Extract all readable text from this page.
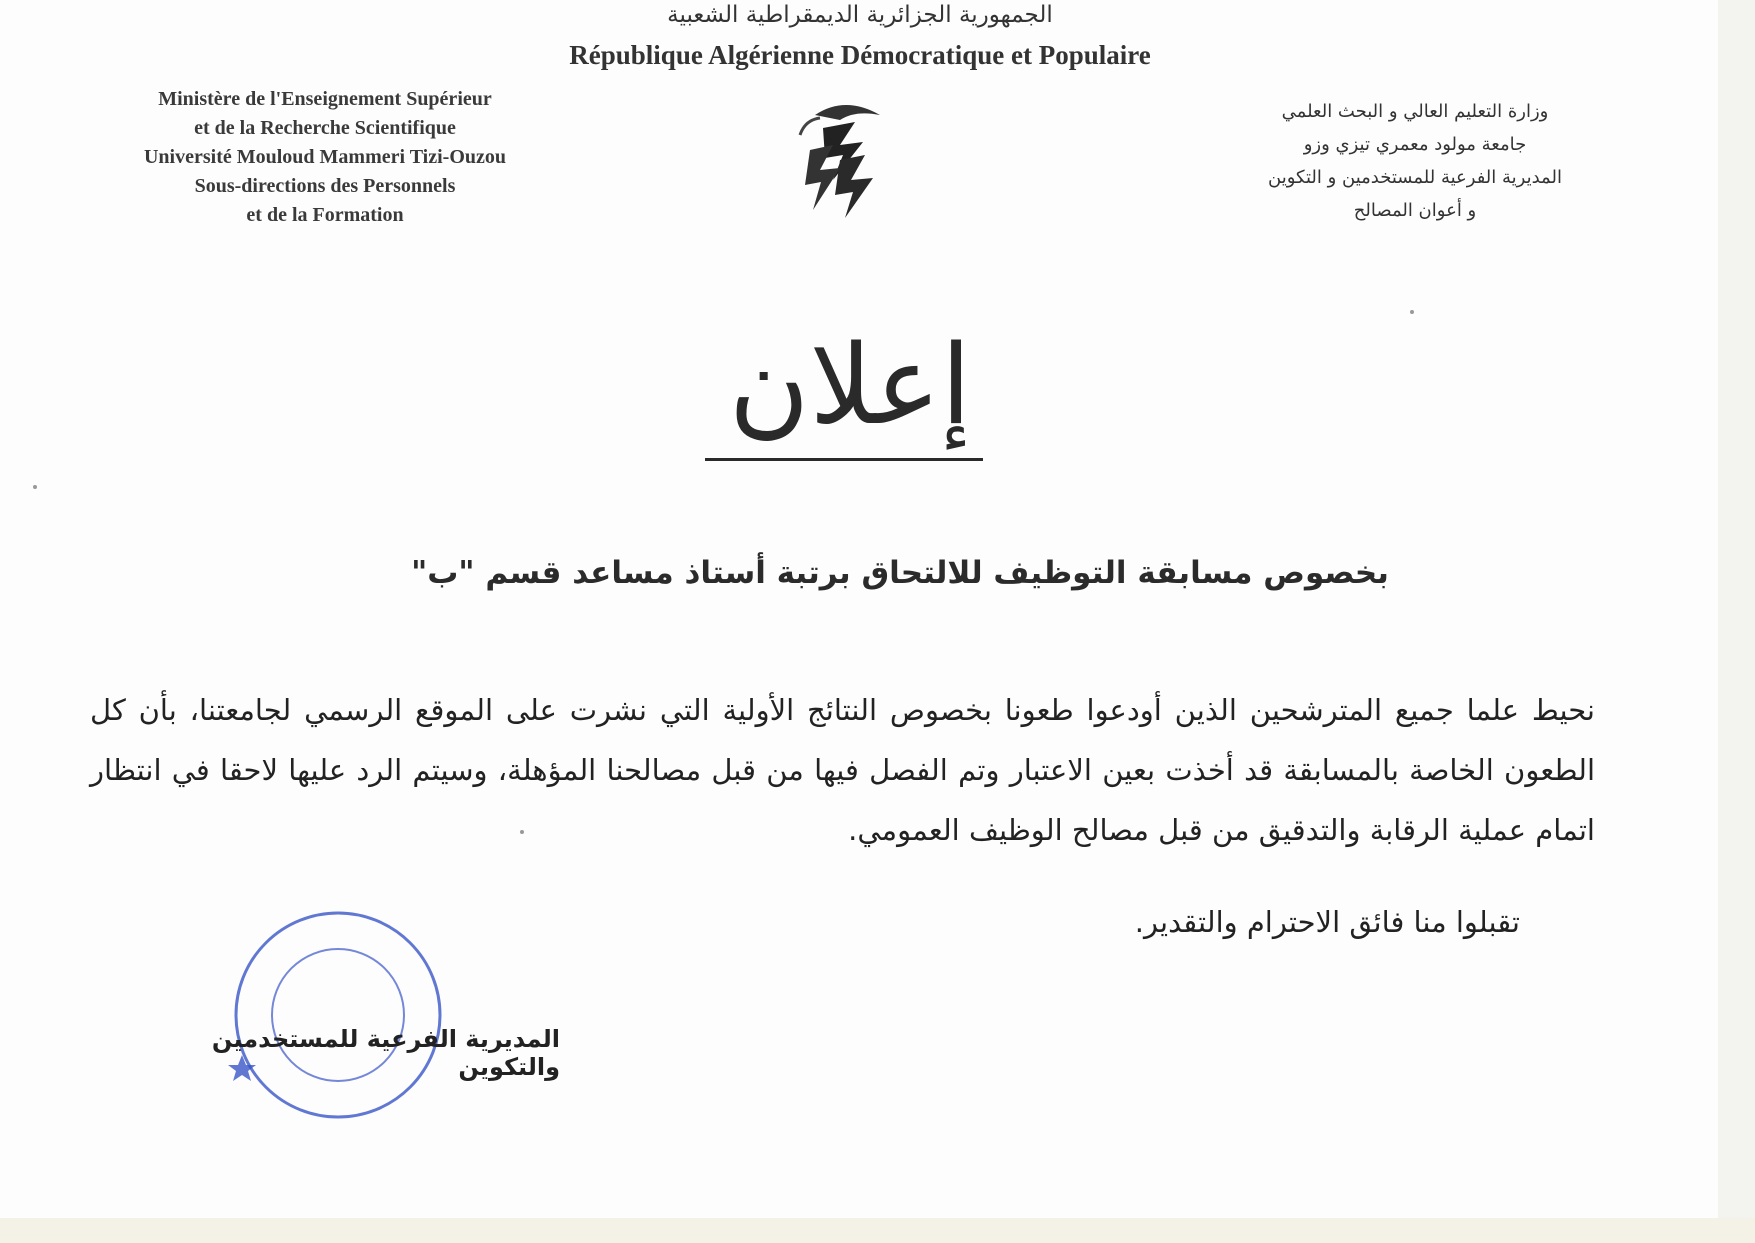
الجمهورية الجزائرية الديمقراطية الشعبية
République Algérienne Démocratique et Populaire
Ministère de l'Enseignement Supérieur
et de la Recherche Scientifique
Université Mouloud Mammeri Tizi-Ouzou
Sous-directions des Personnels
et de la Formation
وزارة التعليم العالي و البحث العلمي
جامعة مولود معمري تيزي وزو
المديرية الفرعية للمستخدمين و التكوين
و أعوان المصالح
إعلان
بخصوص مسابقة التوظيف للالتحاق برتبة أستاذ مساعد قسم "ب"
نحيط علما جميع المترشحين الذين أودعوا طعونا بخصوص النتائج الأولية التي نشرت على الموقع الرسمي لجامعتنا، بأن كل الطعون الخاصة بالمسابقة قد أخذت بعين الاعتبار وتم الفصل فيها من قبل مصالحنا المؤهلة، وسيتم الرد عليها لاحقا في انتظار اتمام عملية الرقابة والتدقيق من قبل مصالح الوظيف العمومي.
تقبلوا منا فائق الاحترام والتقدير.
المديرية الفرعية للمستخدمين والتكوين
